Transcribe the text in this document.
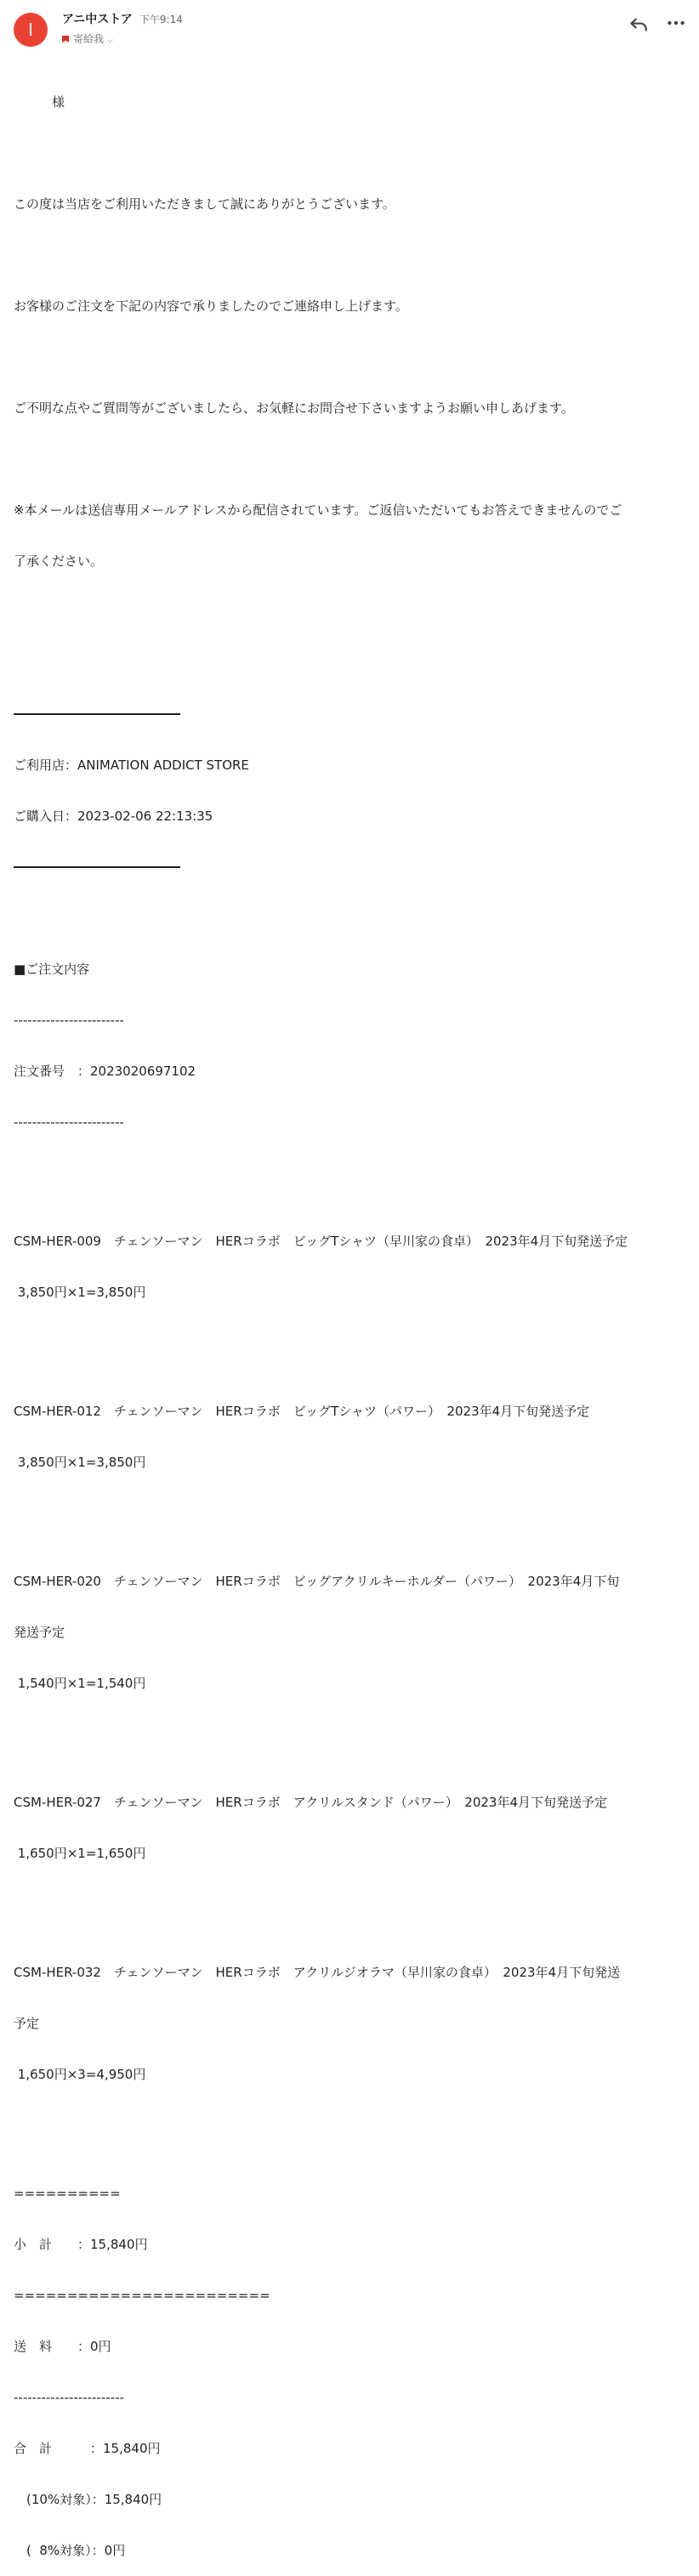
I	アニ中ストア 下午9:14
寄給我 ⌵

　　　様

この度は当店をご利用いただきまして誠にありがとうございます。

お客様のご注文を下記の内容で承りましたのでご連絡申し上げます。

ご不明な点やご質問等がございましたら、お気軽にお問合せ下さいますようお願い申しあげます。

※本メールは送信専用メールアドレスから配信されています。ご返信いただいてもお答えできませんのでご

了承ください。

ご利用店：ANIMATION ADDICT STORE

ご購入日：2023-02-06 22:13:35

■ご注文内容

------------------------

注文番号　：2023020697102

------------------------

CSM-HER-009　チェンソーマン　HERコラボ　ビッグTシャツ（早川家の食卓）　2023年4月下旬発送予定

3,850円×1=3,850円

CSM-HER-012　チェンソーマン　HERコラボ　ビッグTシャツ（パワー）　2023年4月下旬発送予定

3,850円×1=3,850円

CSM-HER-020　チェンソーマン　HERコラボ　ビッグアクリルキーホルダー（パワー）　2023年4月下旬

発送予定

1,540円×1=1,540円

CSM-HER-027　チェンソーマン　HERコラボ　アクリルスタンド（パワー）　2023年4月下旬発送予定

1,650円×1=1,650円

CSM-HER-032　チェンソーマン　HERコラボ　アクリルジオラマ（早川家の食卓）　2023年4月下旬発送

予定

1,650円×3=4,950円

==========

小　計　　：15,840円

========================

送　料　　：0円

------------------------

合　計　　　：15,840円

　(10%対象）：15,840円

　(  8%対象）：0円
